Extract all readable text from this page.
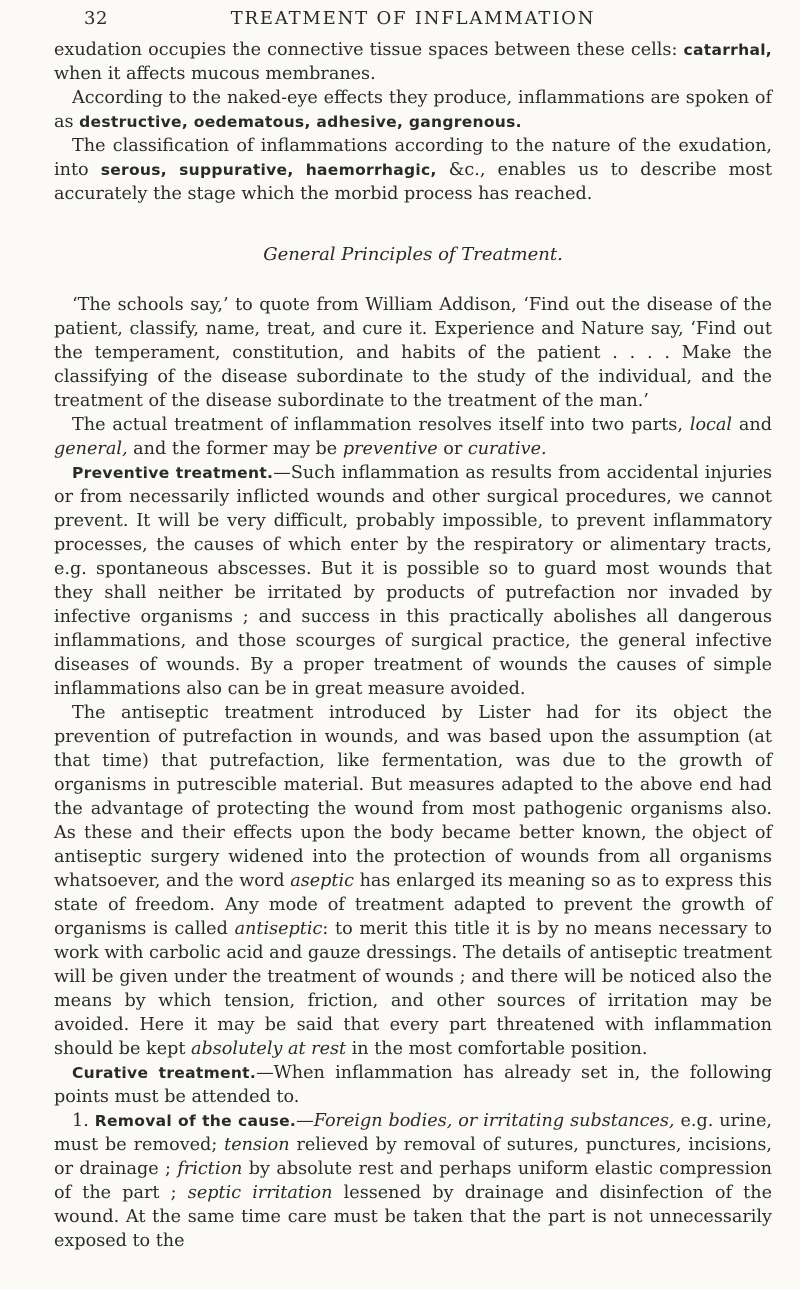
32	TREATMENT OF INFLAMMATION

exudation occupies the connective tissue spaces between these cells: catarrhal, when it affects mucous membranes.

According to the naked-eye effects they produce, inflammations are spoken of as destructive, oedematous, adhesive, gangrenous.

The classification of inflammations according to the nature of the exudation, into serous, suppurative, haemorrhagic, &c., enables us to describe most accurately the stage which the morbid process has reached.

General Principles of Treatment.

‘The schools say,’ to quote from William Addison, ‘Find out the disease of the patient, classify, name, treat, and cure it. Experience and Nature say, ‘Find out the temperament, constitution, and habits of the patient . . . . Make the classifying of the disease subordinate to the study of the individual, and the treatment of the disease subordinate to the treatment of the man.’

The actual treatment of inflammation resolves itself into two parts, local and general, and the former may be preventive or curative.

Preventive treatment.—Such inflammation as results from accidental injuries or from necessarily inflicted wounds and other surgical procedures, we cannot prevent. It will be very difficult, probably impossible, to prevent inflammatory processes, the causes of which enter by the respiratory or alimentary tracts, e.g. spontaneous abscesses. But it is possible so to guard most wounds that they shall neither be irritated by products of putrefaction nor invaded by infective organisms ; and success in this practically abolishes all dangerous inflammations, and those scourges of surgical practice, the general infective diseases of wounds. By a proper treatment of wounds the causes of simple inflammations also can be in great measure avoided.

The antiseptic treatment introduced by Lister had for its object the prevention of putrefaction in wounds, and was based upon the assumption (at that time) that putrefaction, like fermentation, was due to the growth of organisms in putrescible material. But measures adapted to the above end had the advantage of protecting the wound from most pathogenic organisms also. As these and their effects upon the body became better known, the object of antiseptic surgery widened into the protection of wounds from all organisms whatsoever, and the word aseptic has enlarged its meaning so as to express this state of freedom. Any mode of treatment adapted to prevent the growth of organisms is called antiseptic: to merit this title it is by no means necessary to work with carbolic acid and gauze dressings. The details of antiseptic treatment will be given under the treatment of wounds ; and there will be noticed also the means by which tension, friction, and other sources of irritation may be avoided. Here it may be said that every part threatened with inflammation should be kept absolutely at rest in the most comfortable position.

Curative treatment.—When inflammation has already set in, the following points must be attended to.

1. Removal of the cause.—Foreign bodies, or irritating substances, e.g. urine, must be removed; tension relieved by removal of sutures, punctures, incisions, or drainage ; friction by absolute rest and perhaps uniform elastic compression of the part ; septic irritation lessened by drainage and disinfection of the wound. At the same time care must be taken that the part is not unnecessarily exposed to the
